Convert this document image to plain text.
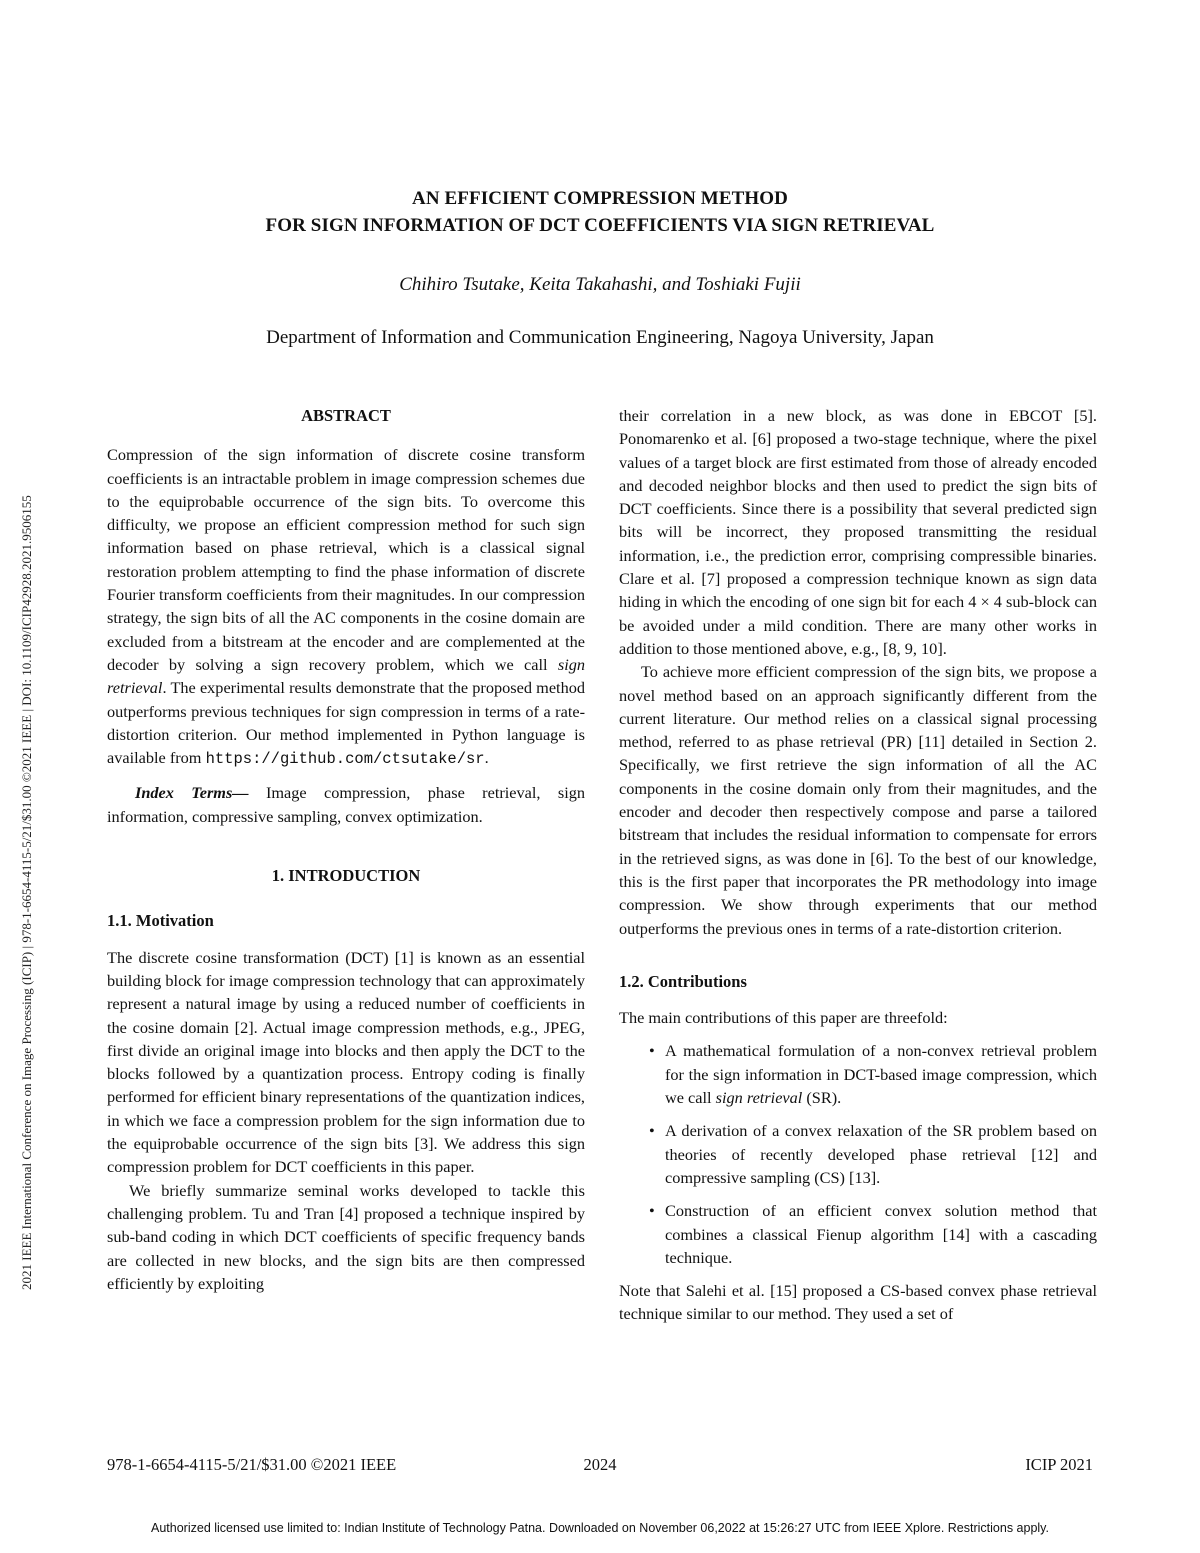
2021 IEEE International Conference on Image Processing (ICIP) | 978-1-6654-4115-5/21/$31.00 ©2021 IEEE | DOI: 10.1109/ICIP42928.2021.9506155
AN EFFICIENT COMPRESSION METHOD
FOR SIGN INFORMATION OF DCT COEFFICIENTS VIA SIGN RETRIEVAL
Chihiro Tsutake, Keita Takahashi, and Toshiaki Fujii
Department of Information and Communication Engineering, Nagoya University, Japan
ABSTRACT

Compression of the sign information of discrete cosine transform coefficients is an intractable problem in image compression schemes due to the equiprobable occurrence of the sign bits. To overcome this difficulty, we propose an efficient compression method for such sign information based on phase retrieval, which is a classical signal restoration problem attempting to find the phase information of discrete Fourier transform coefficients from their magnitudes. In our compression strategy, the sign bits of all the AC components in the cosine domain are excluded from a bitstream at the encoder and are complemented at the decoder by solving a sign recovery problem, which we call sign retrieval. The experimental results demonstrate that the proposed method outperforms previous techniques for sign compression in terms of a rate-distortion criterion. Our method implemented in Python language is available from https://github.com/ctsutake/sr.

Index Terms— Image compression, phase retrieval, sign information, compressive sampling, convex optimization.

1. INTRODUCTION
1.1. Motivation

The discrete cosine transformation (DCT) [1] is known as an essential building block for image compression technology that can approximately represent a natural image by using a reduced number of coefficients in the cosine domain [2]. Actual image compression methods, e.g., JPEG, first divide an original image into blocks and then apply the DCT to the blocks followed by a quantization process. Entropy coding is finally performed for efficient binary representations of the quantization indices, in which we face a compression problem for the sign information due to the equiprobable occurrence of the sign bits [3]. We address this sign compression problem for DCT coefficients in this paper.

We briefly summarize seminal works developed to tackle this challenging problem. Tu and Tran [4] proposed a technique inspired by sub-band coding in which DCT coefficients of specific frequency bands are collected in new blocks, and the sign bits are then compressed efficiently by exploiting

their correlation in a new block, as was done in EBCOT [5]. Ponomarenko et al. [6] proposed a two-stage technique, where the pixel values of a target block are first estimated from those of already encoded and decoded neighbor blocks and then used to predict the sign bits of DCT coefficients. Since there is a possibility that several predicted sign bits will be incorrect, they proposed transmitting the residual information, i.e., the prediction error, comprising compressible binaries. Clare et al. [7] proposed a compression technique known as sign data hiding in which the encoding of one sign bit for each 4 × 4 sub-block can be avoided under a mild condition. There are many other works in addition to those mentioned above, e.g., [8, 9, 10].

To achieve more efficient compression of the sign bits, we propose a novel method based on an approach significantly different from the current literature. Our method relies on a classical signal processing method, referred to as phase retrieval (PR) [11] detailed in Section 2. Specifically, we first retrieve the sign information of all the AC components in the cosine domain only from their magnitudes, and the encoder and decoder then respectively compose and parse a tailored bitstream that includes the residual information to compensate for errors in the retrieved signs, as was done in [6]. To the best of our knowledge, this is the first paper that incorporates the PR methodology into image compression. We show through experiments that our method outperforms the previous ones in terms of a rate-distortion criterion.

1.2. Contributions

The main contributions of this paper are threefold:

• A mathematical formulation of a non-convex retrieval problem for the sign information in DCT-based image compression, which we call sign retrieval (SR).
• A derivation of a convex relaxation of the SR problem based on theories of recently developed phase retrieval [12] and compressive sampling (CS) [13].
• Construction of an efficient convex solution method that combines a classical Fienup algorithm [14] with a cascading technique.

Note that Salehi et al. [15] proposed a CS-based convex phase retrieval technique similar to our method. They used a set of

978-1-6654-4115-5/21/$31.00 ©2021 IEEE	2024	ICIP 2021
Authorized licensed use limited to: Indian Institute of Technology Patna. Downloaded on November 06,2022 at 15:26:27 UTC from IEEE Xplore. Restrictions apply.
